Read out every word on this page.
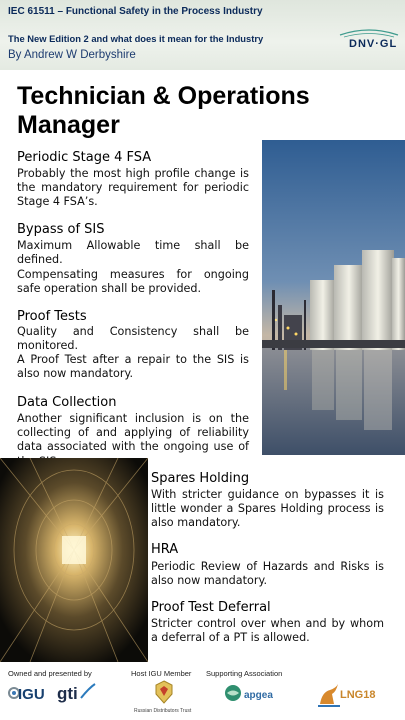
IEC 61511 – Functional Safety in the Process Industry
The New Edition 2 and what does it mean for the Industry
By Andrew W Derbyshire
DNV·GL
Technician & Operations Manager
Periodic Stage 4 FSA
Probably the most high profile change is the mandatory requirement for periodic Stage 4 FSA’s.
Bypass of SIS
Maximum Allowable time shall be defined.
Compensating measures for ongoing safe operation shall be provided.
Proof Tests
Quality and Consistency shall be monitored.
A Proof Test after a repair to the SIS is also now mandatory.
Data Collection
Another significant inclusion is on the collecting of and applying of reliability data associated with the ongoing use of
Spares Holding
With stricter guidance on bypasses it is little wonder a Spares Holding process is also mandatory.
HRA
Periodic Review of Hazards and Risks is also now mandatory.
Proof Test Deferral
Stricter control over when and by whom a deferral of a PT is allowed.
Owned and presented by	Host IGU Member Supporting Association
IGU gti
Russian Distributors Trust
apgea	LNG18
